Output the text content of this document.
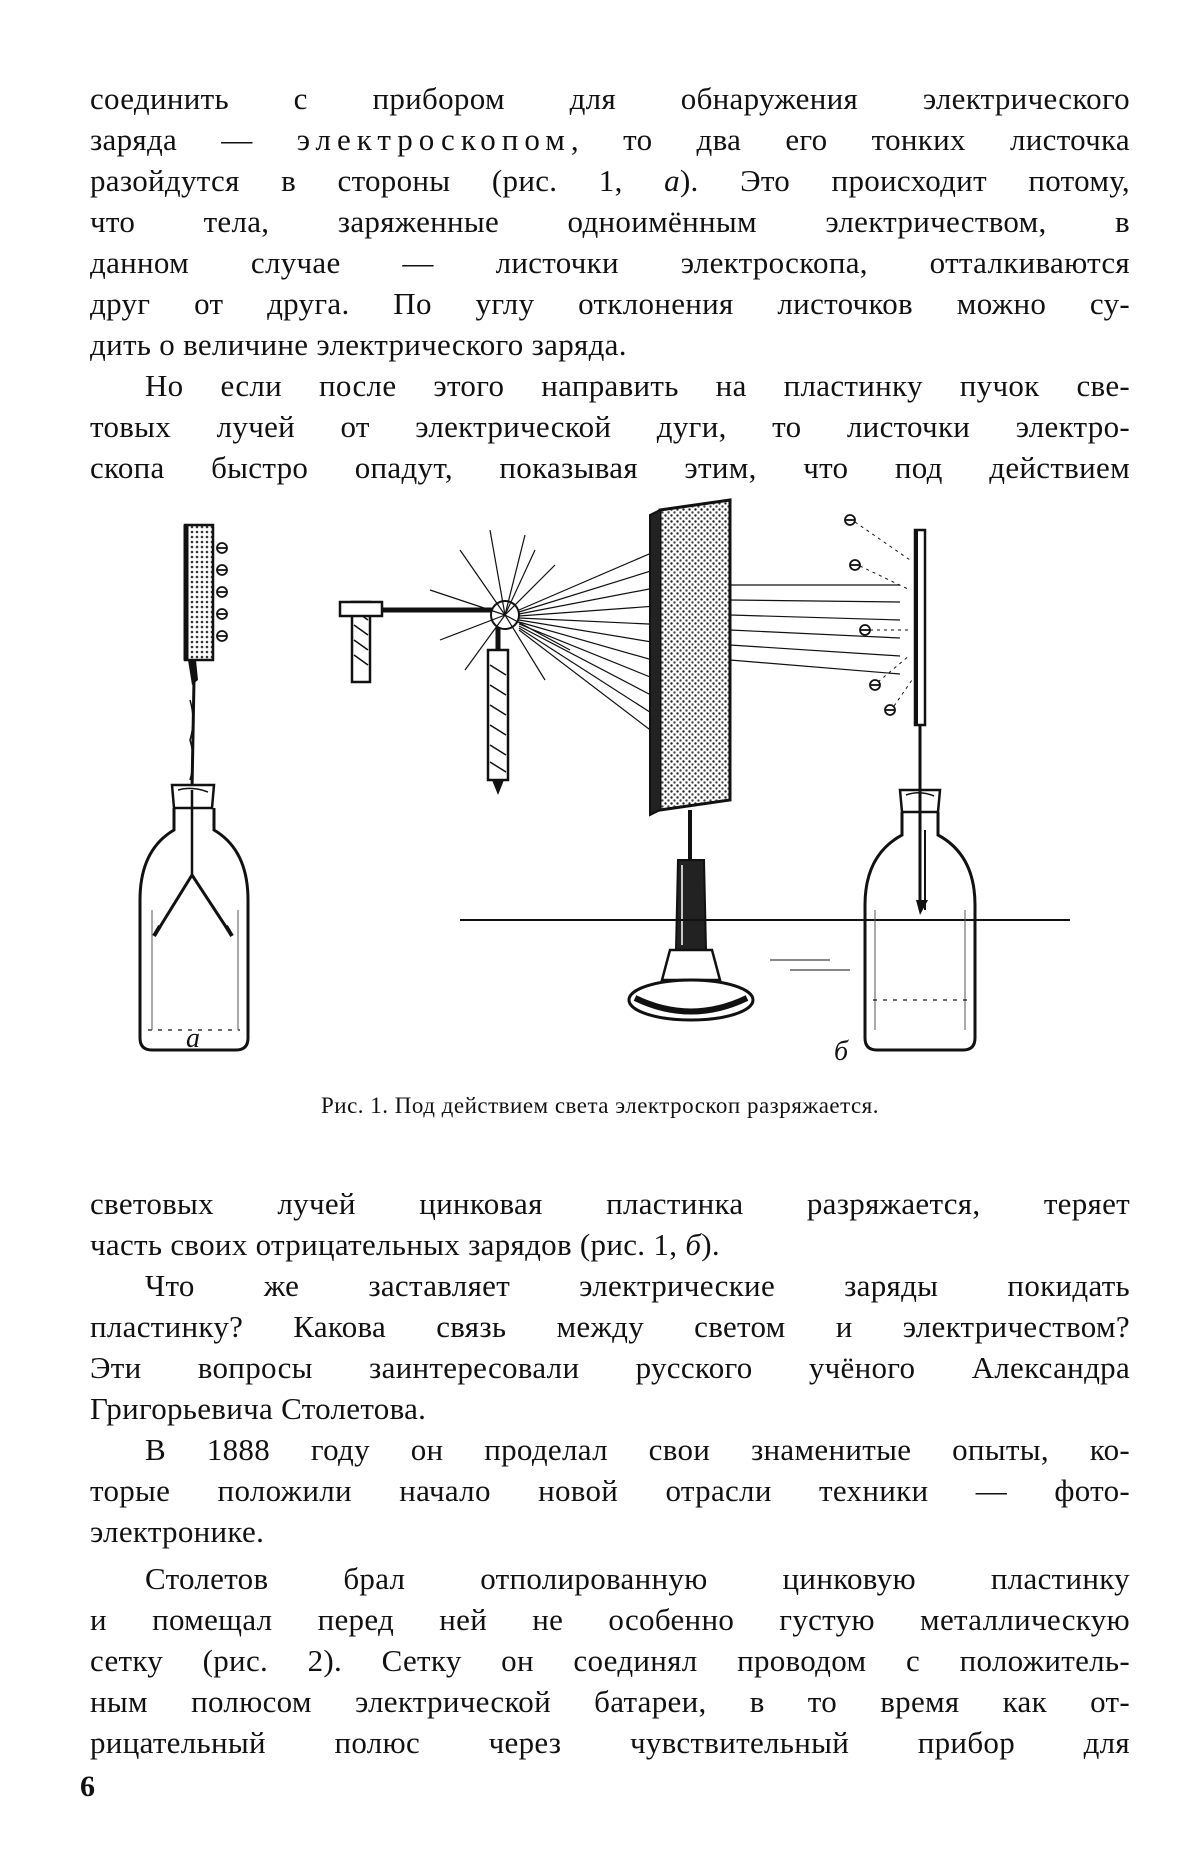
соединить с прибором для обнаружения электрического
заряда — электроскопом, то два его тонких листочка
разойдутся в стороны (рис. 1, а). Это происходит потому,
что тела, заряженные одноимённым электричеством, в
данном случае — листочки электроскопа, отталкиваются
друг от друга. По углу отклонения листочков можно су-
дить о величине электрического заряда.

Но если после этого направить на пластинку пучок све-
товых лучей от электрической дуги, то листочки электро-
скопа быстро опадут, показывая этим, что под действием

а	б
Рис. 1. Под действием света электроскоп разряжается.

световых лучей цинковая пластинка разряжается, теряет
часть своих отрицательных зарядов (рис. 1, б).

Что же заставляет электрические заряды покидать
пластинку? Какова связь между светом и электричеством?
Эти вопросы заинтересовали русского учёного Александра
Григорьевича Столетова.

В 1888 году он проделал свои знаменитые опыты, ко-
торые положили начало новой отрасли техники — фото-
электронике.

Столетов брал отполированную цинковую пластинку
и помещал перед ней не особенно густую металлическую
сетку (рис. 2). Сетку он соединял проводом с положитель-
ным полюсом электрической батареи, в то время как от-
рицательный полюс через чувствительный прибор для

6
